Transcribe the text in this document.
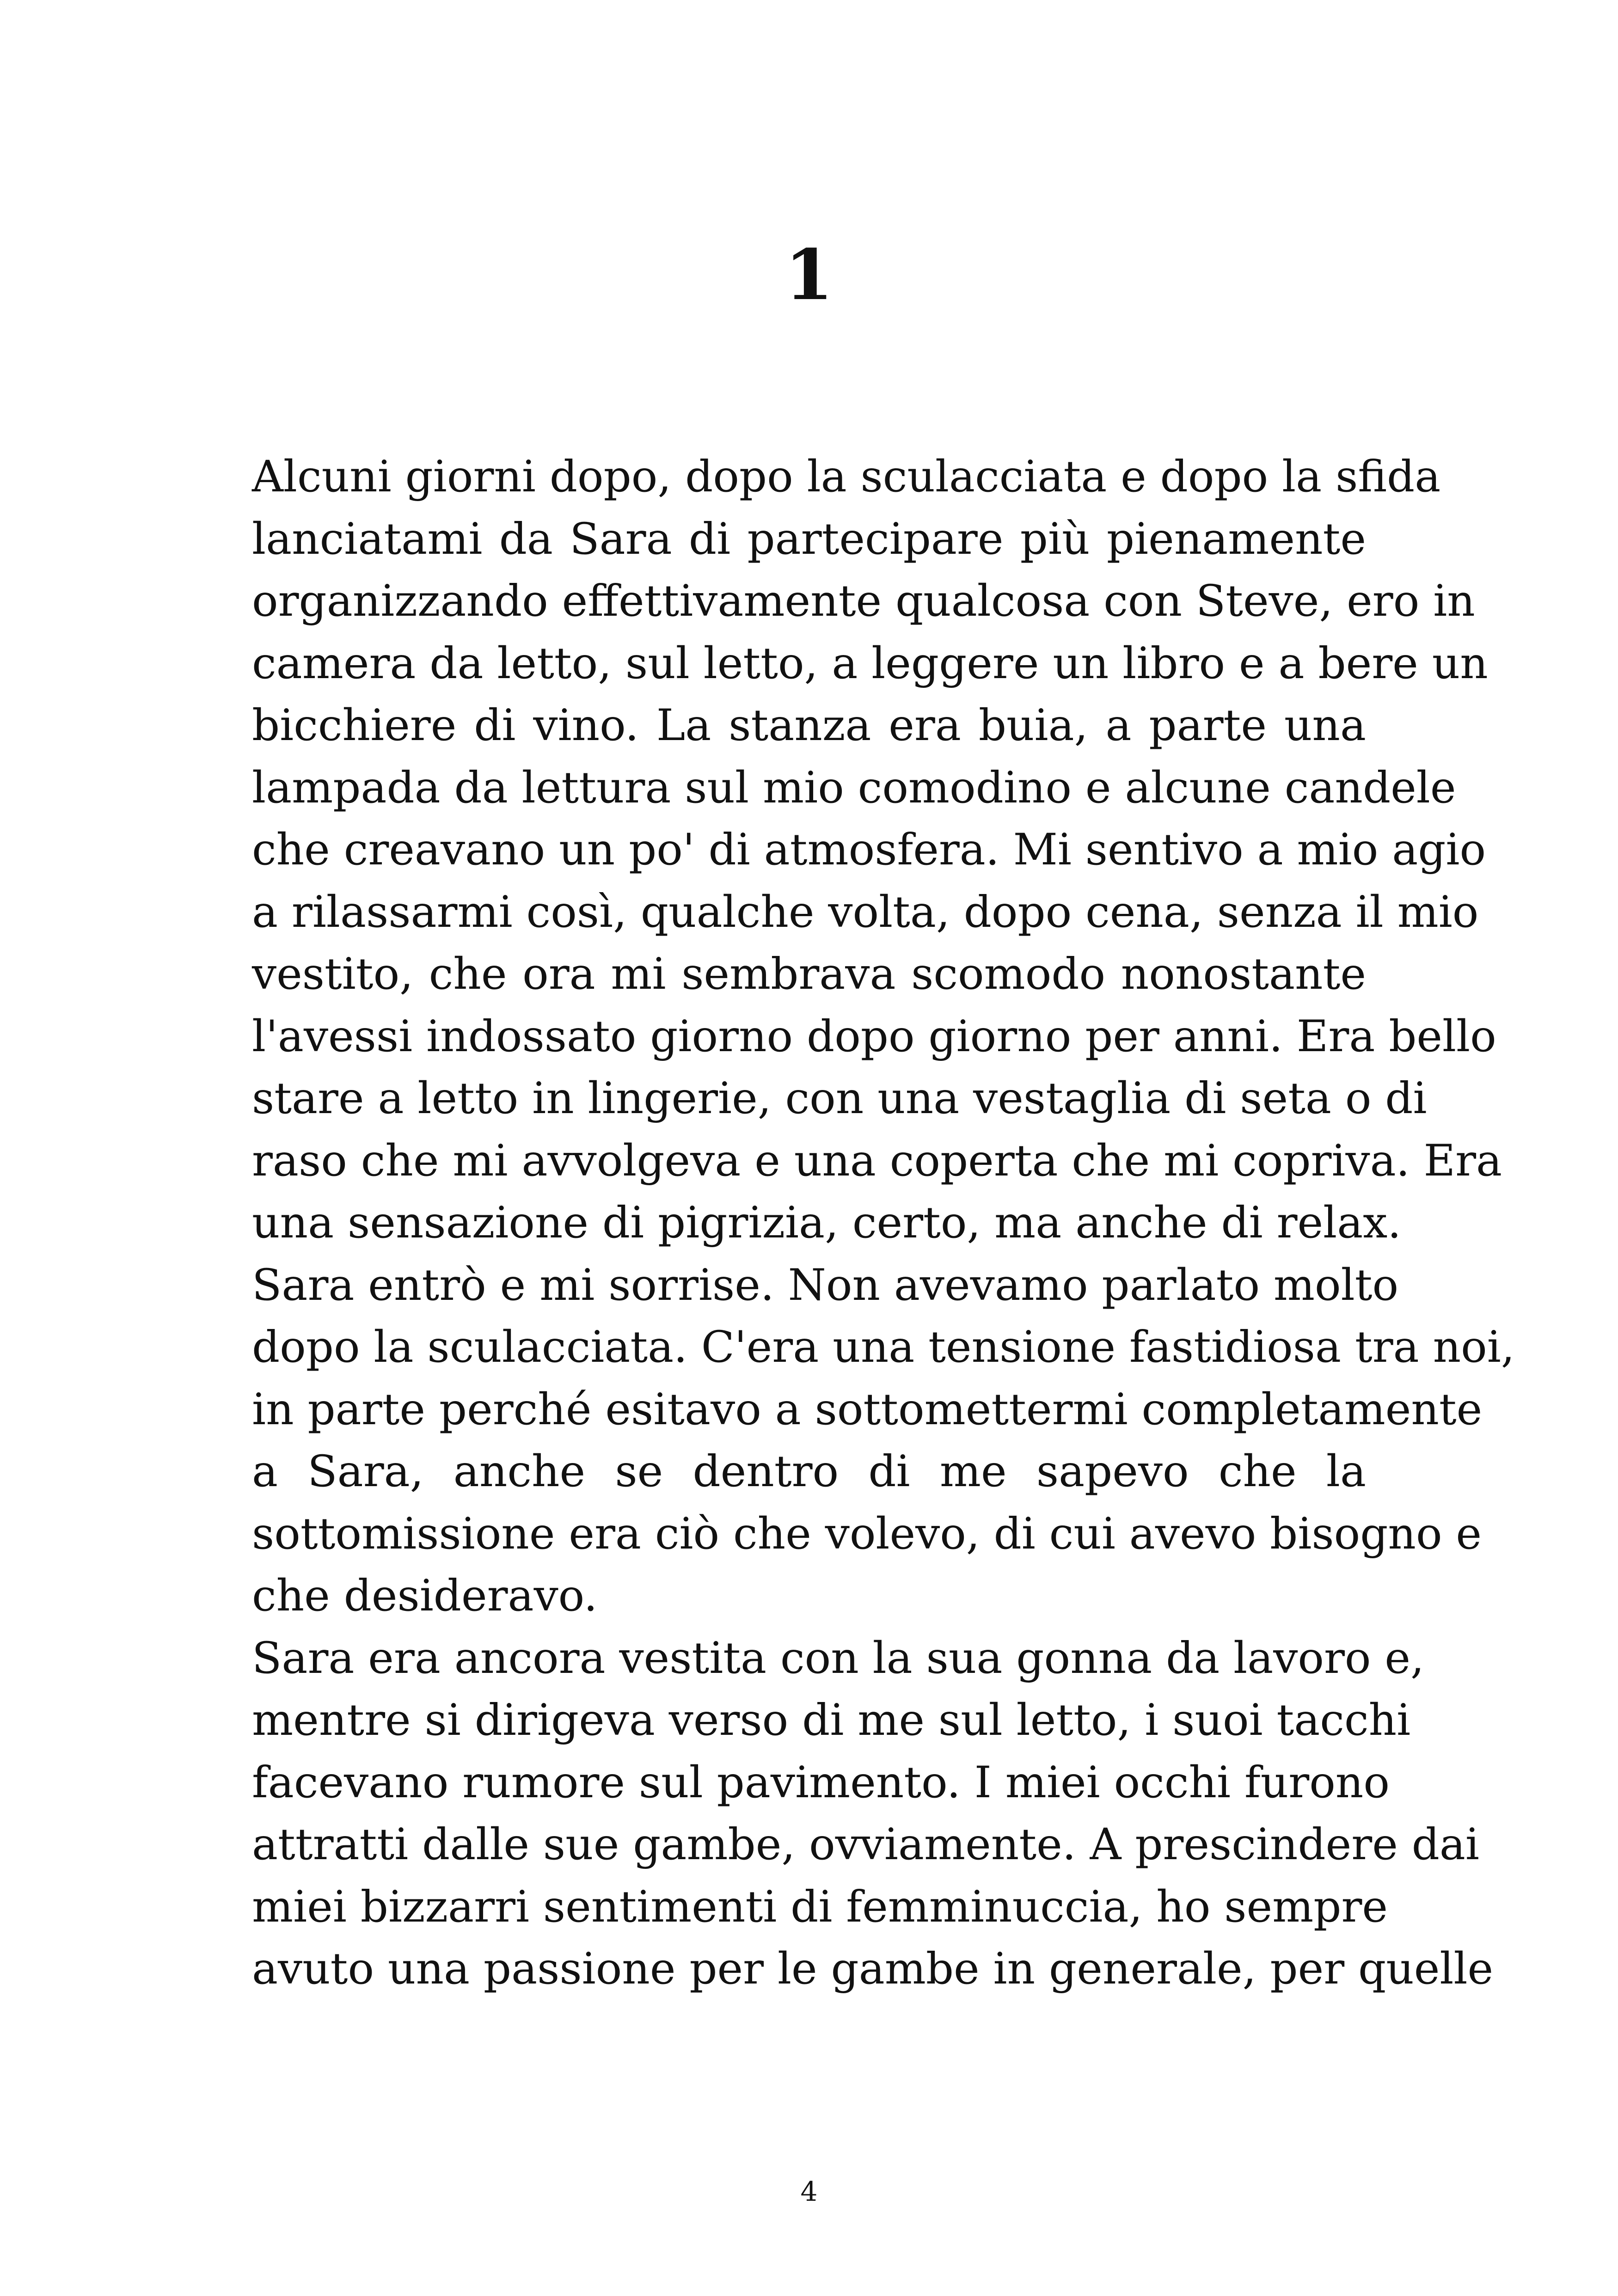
1
Alcuni giorni dopo, dopo la sculacciata e dopo la sfida
lanciatami da Sara di partecipare più pienamente
organizzando effettivamente qualcosa con Steve, ero in
camera da letto, sul letto, a leggere un libro e a bere un
bicchiere di vino. La stanza era buia, a parte una
lampada da lettura sul mio comodino e alcune candele
che creavano un po' di atmosfera. Mi sentivo a mio agio
a rilassarmi così, qualche volta, dopo cena, senza il mio
vestito, che ora mi sembrava scomodo nonostante
l'avessi indossato giorno dopo giorno per anni. Era bello
stare a letto in lingerie, con una vestaglia di seta o di
raso che mi avvolgeva e una coperta che mi copriva. Era
una sensazione di pigrizia, certo, ma anche di relax.
Sara entrò e mi sorrise. Non avevamo parlato molto
dopo la sculacciata. C'era una tensione fastidiosa tra noi,
in parte perché esitavo a sottomettermi completamente
a Sara, anche se dentro di me sapevo che la
sottomissione era ciò che volevo, di cui avevo bisogno e
che desideravo.
Sara era ancora vestita con la sua gonna da lavoro e,
mentre si dirigeva verso di me sul letto, i suoi tacchi
facevano rumore sul pavimento. I miei occhi furono
attratti dalle sue gambe, ovviamente. A prescindere dai
miei bizzarri sentimenti di femminuccia, ho sempre
avuto una passione per le gambe in generale, per quelle
4
